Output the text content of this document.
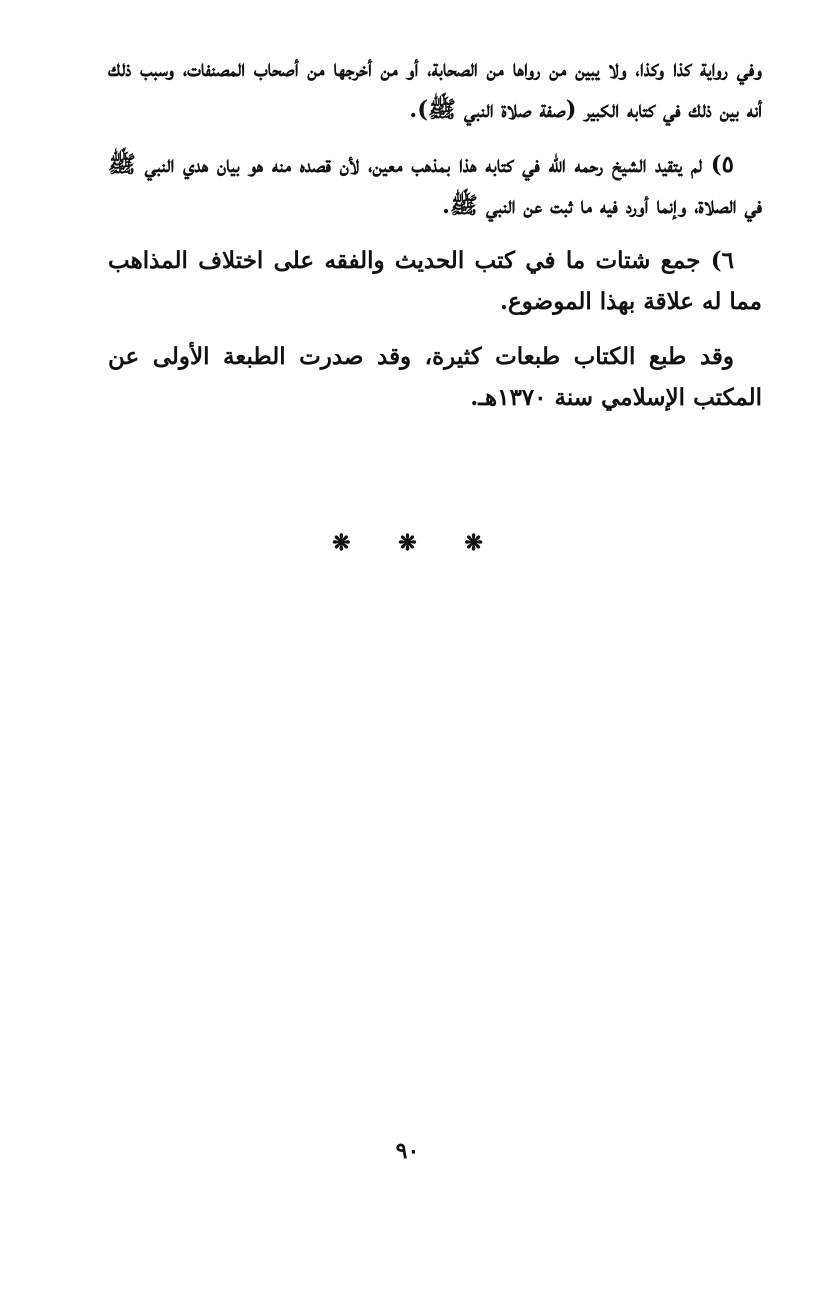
وفي رواية كذا وكذا، ولا يبين من رواها من الصحابة، أو من أخرجها من أصحاب المصنفات، وسبب ذلك أنه بين ذلك في كتابه الكبير (صفة صلاة النبي ﷺ).

٥) لم يتقيد الشيخ رحمه الله في كتابه هذا بمذهب معين، لأن قصده منه هو بيان هدي النبي ﷺ في الصلاة، وإنما أورد فيه ما ثبت عن النبي ﷺ.

٦) جمع شتات ما في كتب الحديث والفقه على اختلاف المذاهب مما له علاقة بهذا الموضوع.

وقد طبع الكتاب طبعات كثيرة، وقد صدرت الطبعة الأولى عن المكتب الإسلامي سنة ١٣٧٠هـ.

❋ ❋ ❋
٩٠
